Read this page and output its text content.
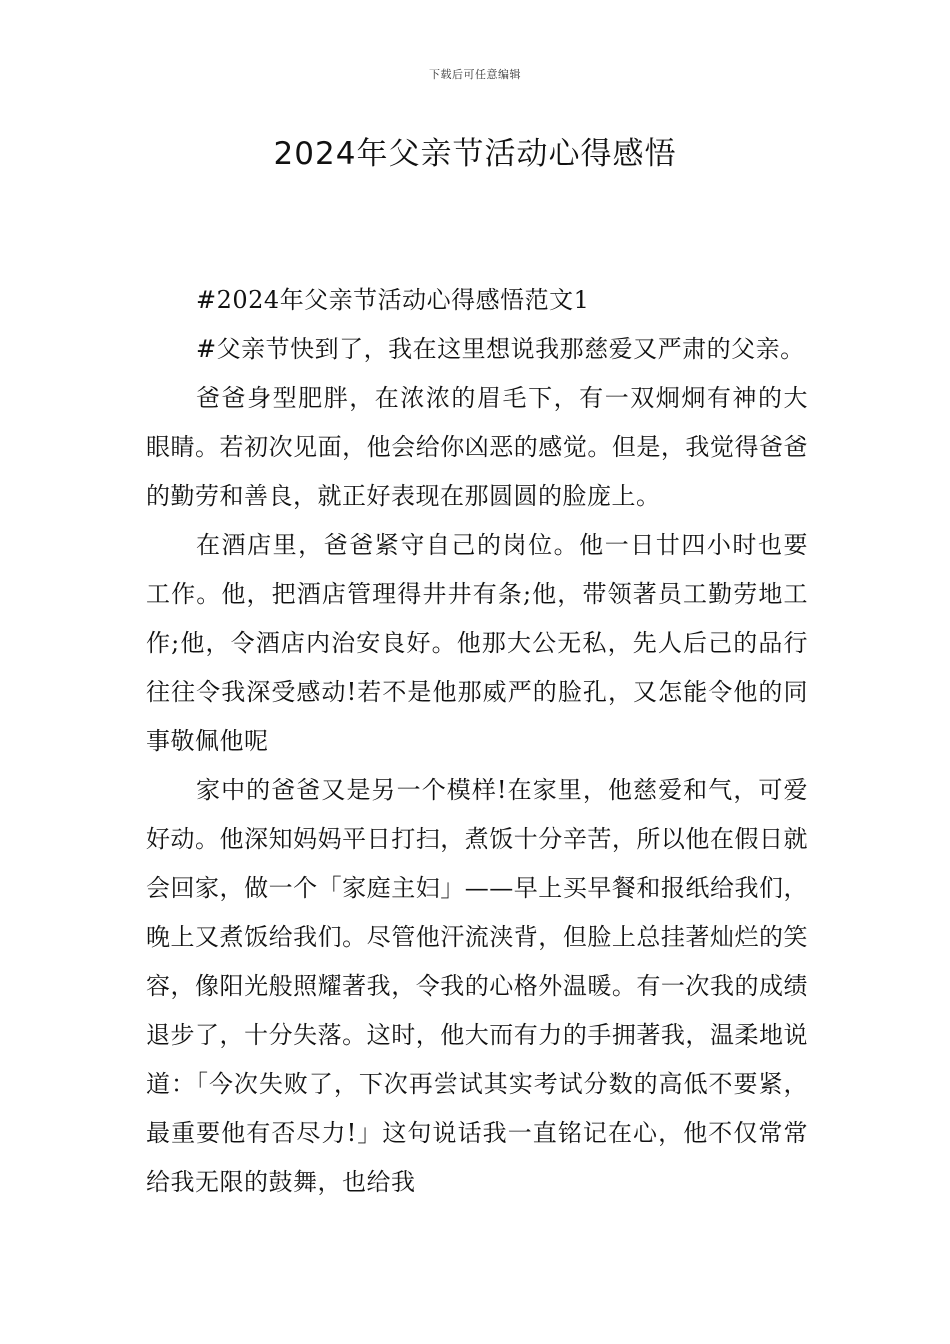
下载后可任意编辑
2024年父亲节活动心得感悟

#2024年父亲节活动心得感悟范文1

#父亲节快到了，我在这里想说我那慈爱又严肃的父亲。

爸爸身型肥胖，在浓浓的眉毛下，有一双炯炯有神的大眼睛。若初次见面，他会给你凶恶的感觉。但是，我觉得爸爸的勤劳和善良，就正好表现在那圆圆的脸庞上。

在酒店里，爸爸紧守自己的岗位。他一日廿四小时也要工作。他，把酒店管理得井井有条;他，带领著员工勤劳地工作;他，令酒店内治安良好。他那大公无私，先人后己的品行往往令我深受感动!若不是他那威严的脸孔，又怎能令他的同事敬佩他呢

家中的爸爸又是另一个模样!在家里，他慈爱和气，可爱好动。他深知妈妈平日打扫，煮饭十分辛苦，所以他在假日就会回家，做一个「家庭主妇」——早上买早餐和报纸给我们，晚上又煮饭给我们。尽管他汗流浃背，但脸上总挂著灿烂的笑容，像阳光般照耀著我，令我的心格外温暖。有一次我的成绩退步了，十分失落。这时，他大而有力的手拥著我，温柔地说道：「今次失败了，下次再尝试其实考试分数的高低不要紧，最重要他有否尽力!」这句说话我一直铭记在心，他不仅常常给我无限的鼓舞，也给我
